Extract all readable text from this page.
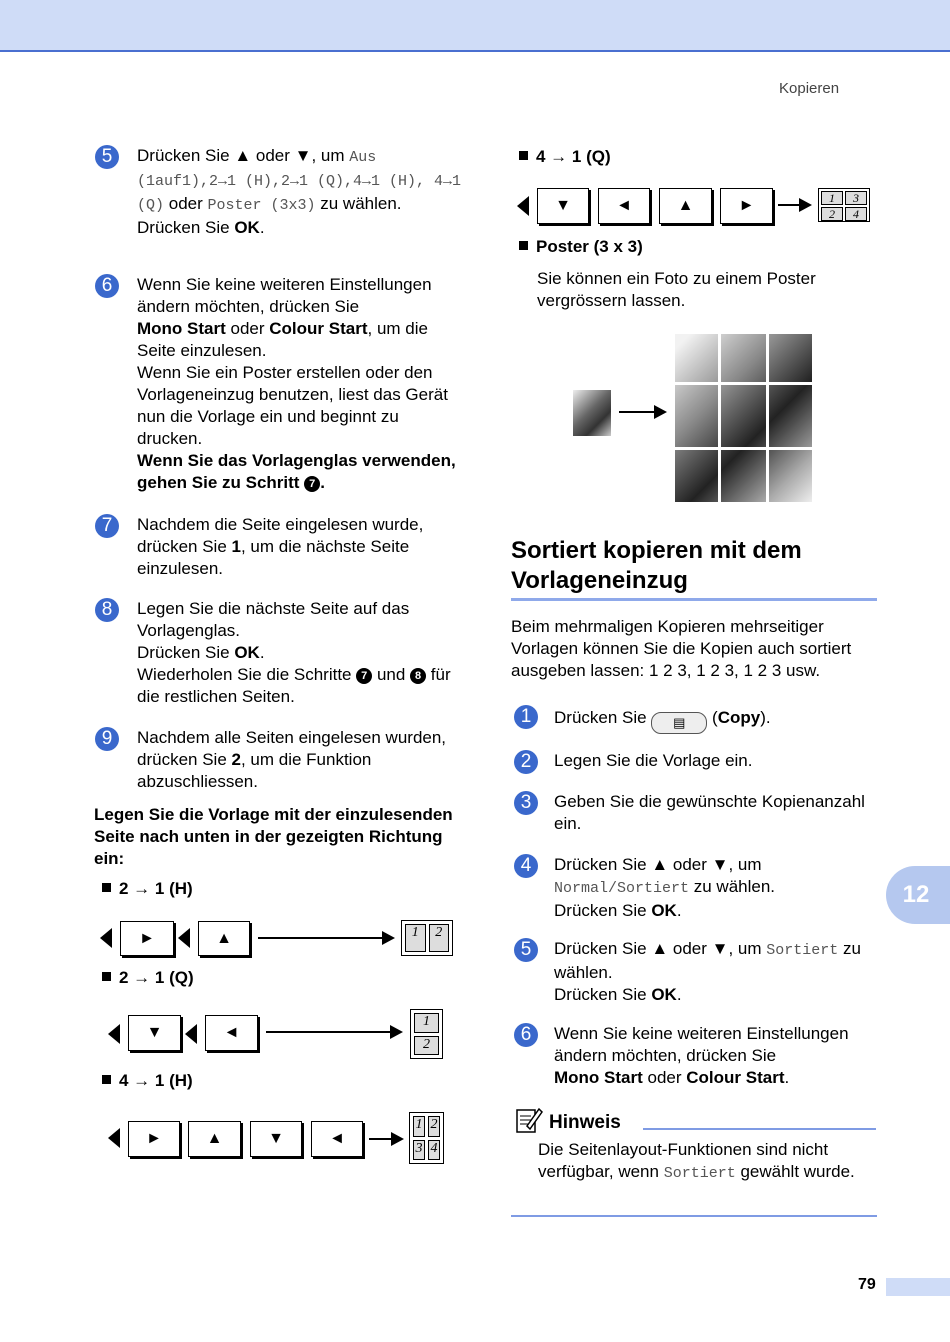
Kopieren
12
79
5	Drücken Sie ▲ oder ▼, um Aus (1auf1),2→1 (H),2→1 (Q),4→1 (H), 4→1 (Q) oder Poster (3x3) zu wählen.
Drücken Sie OK.
6	Wenn Sie keine weiteren Einstellungen ändern möchten, drücken Sie
Mono Start oder Colour Start, um die Seite einzulesen.
Wenn Sie ein Poster erstellen oder den Vorlageneinzug benutzen, liest das Gerät nun die Vorlage ein und beginnt zu drucken.
Wenn Sie das Vorlagenglas verwenden, gehen Sie zu Schritt 7 .
7	Nachdem die Seite eingelesen wurde, drücken Sie 1, um die nächste Seite einzulesen.
8	Legen Sie die nächste Seite auf das Vorlagenglas.
Drücken Sie OK.
Wiederholen Sie die Schritte 7 und 8 für die restlichen Seiten.
9	Nachdem alle Seiten eingelesen wurden, drücken Sie 2, um die Funktion abzuschliessen.
Legen Sie die Vorlage mit der einzulesenden Seite nach unten in der gezeigten Richtung ein:
2 → 1 (H)
2 → 1 (Q)
4 → 1 (H)
►	▲	1	2
▼	◄
1
2
►	▲	▼	◄
1 2
3 4
4 → 1 (Q)
▼	◄	▲	►	1	3
2	4
Poster (3 x 3)
Sie können ein Foto zu einem Poster vergrössern lassen.
Sortiert kopieren mit dem Vorlageneinzug
Beim mehrmaligen Kopieren mehrseitiger Vorlagen können Sie die Kopien auch sortiert ausgeben lassen: 1 2 3, 1 2 3, 1 2 3 usw.
1	Drücken Sie ▤ (Copy).
2	Legen Sie die Vorlage ein.
3	Geben Sie die gewünschte Kopienanzahl ein.
4	Drücken Sie ▲ oder ▼, um Normal/Sortiert zu wählen.
Drücken Sie OK.
5	Drücken Sie ▲ oder ▼, um Sortiert zu wählen.
Drücken Sie OK.
6	Wenn Sie keine weiteren Einstellungen ändern möchten, drücken Sie
Mono Start oder Colour Start.
Hinweis
Die Seitenlayout-Funktionen sind nicht verfügbar, wenn Sortiert gewählt wurde.
